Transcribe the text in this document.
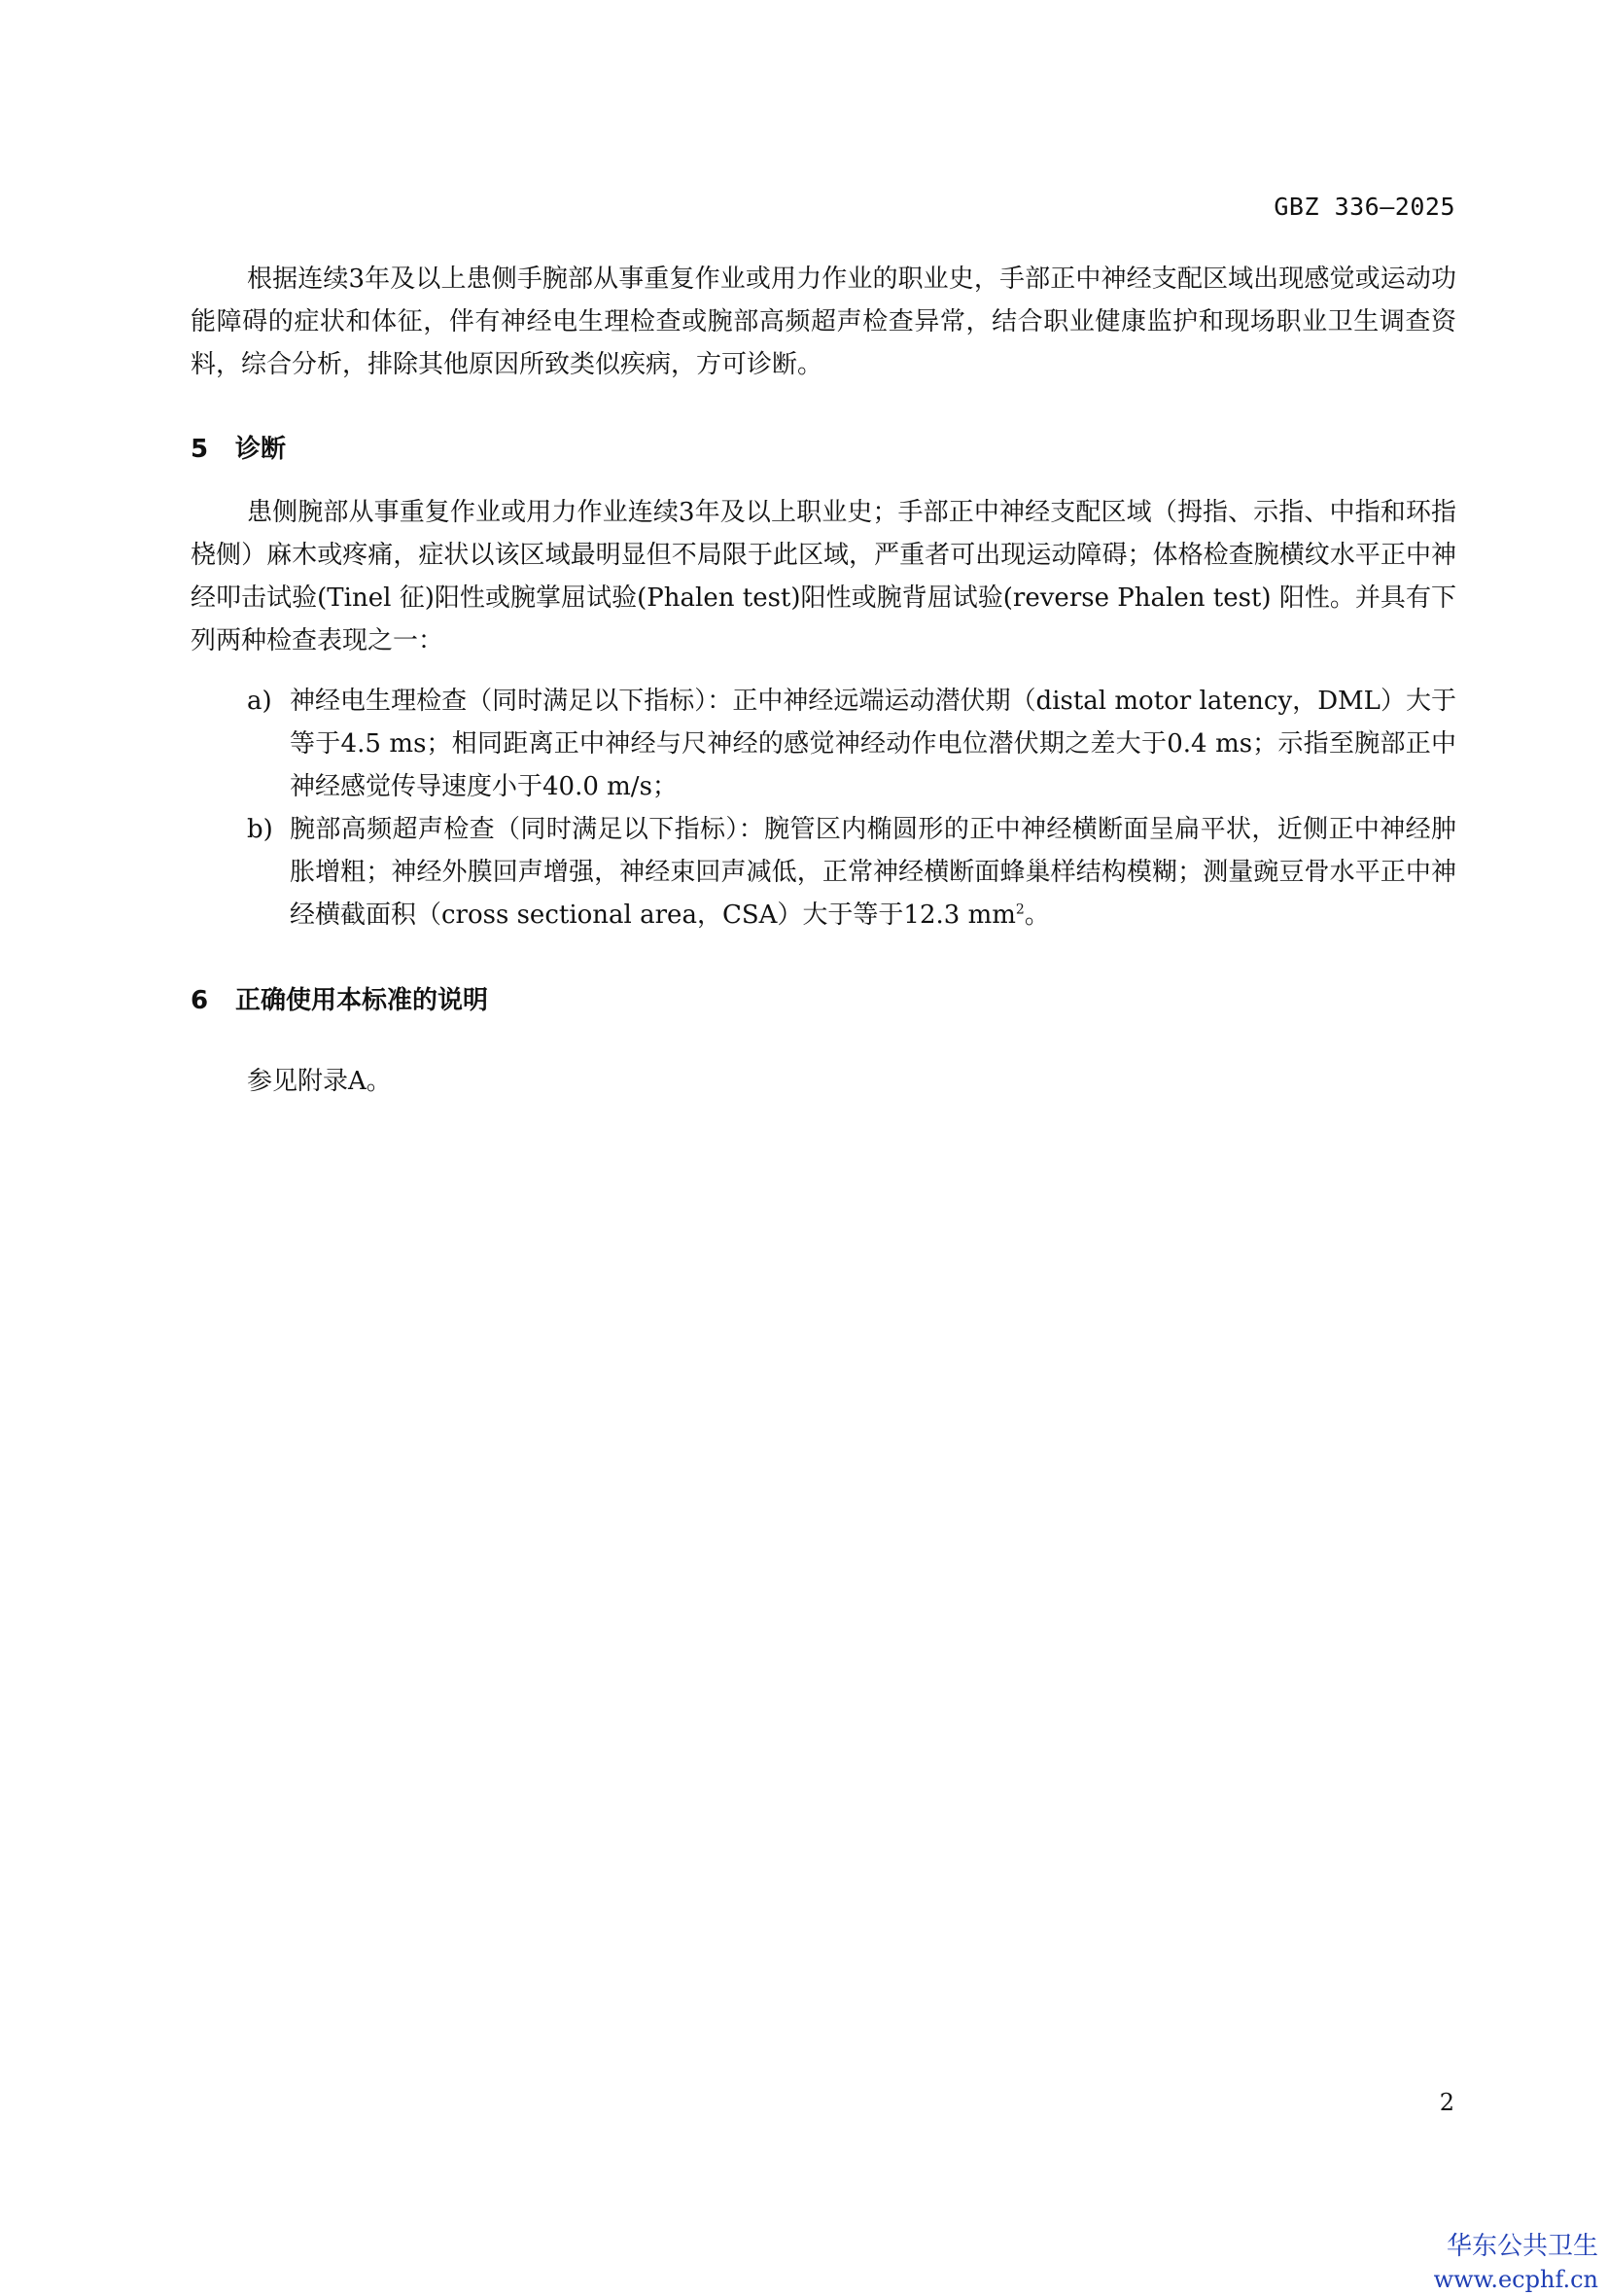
GBZ 336—2025

根据连续3年及以上患侧手腕部从事重复作业或用力作业的职业史，手部正中神经支配区域出现感觉或运动功能障碍的症状和体征，伴有神经电生理检查或腕部高频超声检查异常，结合职业健康监护和现场职业卫生调查资料，综合分析，排除其他原因所致类似疾病，方可诊断。

5 诊断

患侧腕部从事重复作业或用力作业连续3年及以上职业史；手部正中神经支配区域（拇指、示指、中指和环指桡侧）麻木或疼痛，症状以该区域最明显但不局限于此区域，严重者可出现运动障碍；体格检查腕横纹水平正中神经叩击试验(Tinel 征)阳性或腕掌屈试验(Phalen test)阳性或腕背屈试验(reverse Phalen test) 阳性。并具有下列两种检查表现之一：

a) 神经电生理检查（同时满足以下指标）：正中神经远端运动潜伏期（distal motor latency，DML）大于等于4.5 ms；相同距离正中神经与尺神经的感觉神经动作电位潜伏期之差大于0.4 ms；示指至腕部正中神经感觉传导速度小于40.0 m/s；
b) 腕部高频超声检查（同时满足以下指标）：腕管区内椭圆形的正中神经横断面呈扁平状，近侧正中神经肿胀增粗；神经外膜回声增强，神经束回声减低，正常神经横断面蜂巢样结构模糊；测量豌豆骨水平正中神经横截面积（cross sectional area，CSA）大于等于12.3 $mm^2$。
6 正确使用本标准的说明

参见附录A。

2
华东公共卫生
www.ecphf.cn
